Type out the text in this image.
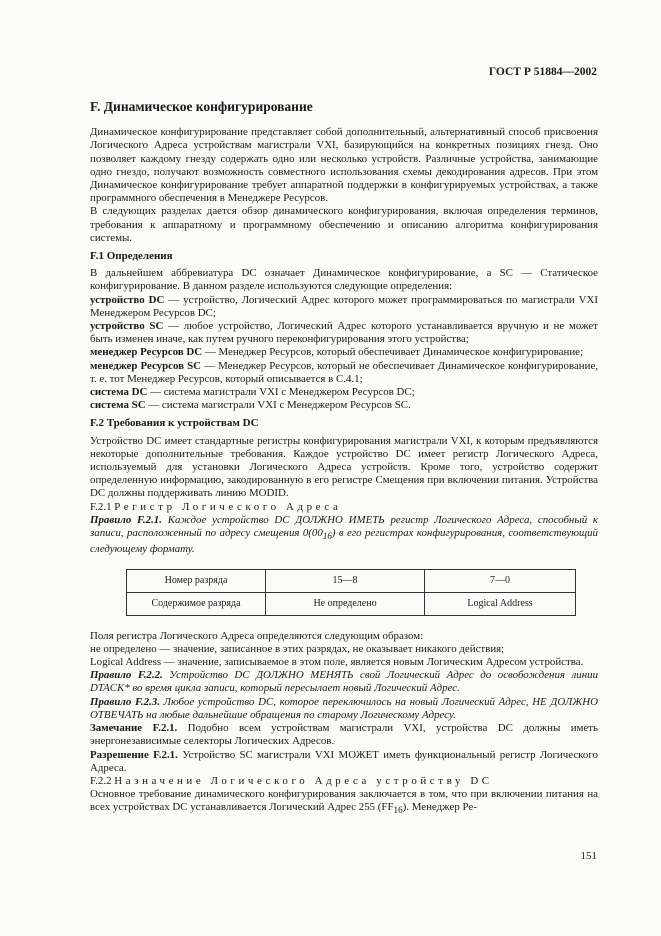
ГОСТ Р 51884—2002
F. Динамическое конфигурирование

Динамическое конфигурирование представляет собой дополнительный, альтернативный способ присвоения Логического Адреса устройствам магистрали VXI, базирующийся на конкретных позициях гнезд. Оно позволяет каждому гнезду содержать одно или несколько устройств. Различные устройства, занимающие одно гнездо, получают возможность совместного использования схемы декодирования адресов. При этом Динамическое конфигурирование требует аппаратной поддержки в конфигурируемых устройствах, а также программного обеспечения в Менеджере Ресурсов.

В следующих разделах дается обзор динамического конфигурирования, включая определения терминов, требования к аппаратному и программному обеспечению и описанию алгоритма конфигурирования системы.

F.1 Определения

В дальнейшем аббревиатура DC означает Динамическое конфигурирование, а SC — Статическое конфигурирование. В данном разделе используются следующие определения:

устройство DC — устройство, Логический Адрес которого может программироваться по магистрали VXI Менеджером Ресурсов DC;

устройство SC — любое устройство, Логический Адрес которого устанавливается вручную и не может быть изменен иначе, как путем ручного переконфигурирования этого устройства;

менеджер Ресурсов DC — Менеджер Ресурсов, который обеспечивает Динамическое конфигурирование;

менеджер Ресурсов SC — Менеджер Ресурсов, который не обеспечивает Динамическое конфигурирование, т. е. тот Менеджер Ресурсов, который описывается в С.4.1;

система DC — система магистрали VXI с Менеджером Ресурсов DC;

система SC — система магистрали VXI с Менеджером Ресурсов SC.

F.2 Требования к устройствам DC

Устройство DC имеет стандартные регистры конфигурирования магистрали VXI, к которым предъявляются некоторые дополнительные требования. Каждое устройство DC имеет регистр Логического Адреса, используемый для установки Логического Адреса устройств. Кроме того, устройство содержит определенную информацию, закодированную в его регистре Смещения при включении питания. Устройства DC должны поддерживать линию MODID.

F.2.1 Регистр Логического Адреса

Правило F.2.1. Каждое устройство DC ДОЛЖНО ИМЕТЬ регистр Логического Адреса, способный к записи, расположенный по адресу смещения $0(00_{16})$ в его регистрах конфигурирования, соответствующий следующему формату.

Номер разряда	15—8	7—0
Содержимое разряда	Не определено	Logical Address

Поля регистра Логического Адреса определяются следующим образом:

не определено — значение, записанное в этих разрядах, не оказывает никакого действия;

Logical Address — значение, записываемое в этом поле, является новым Логическим Адресом устройства.

Правило F.2.2. Устройство DC ДОЛЖНО МЕНЯТЬ свой Логический Адрес до освобождения линии DTACK* во время цикла записи, который пересылает новый Логический Адрес.

Правило F.2.3. Любое устройство DC, которое переключилось на новый Логический Адрес, НЕ ДОЛЖНО ОТВЕЧАТЬ на любые дальнейшие обращения по старому Логическому Адресу.

Замечание F.2.1. Подобно всем устройствам магистрали VXI, устройства DC должны иметь энергонезависимые селекторы Логических Адресов.

Разрешение F.2.1. Устройство SC магистрали VXI МОЖЕТ иметь функциональный регистр Логического Адреса.

F.2.2 Назначение Логического Адреса устройству DC

Основное требование динамического конфигурирования заключается в том, что при включении питания на всех устройствах DC устанавливается Логический Адрес 255 $(FF_{16})$. Менеджер Ре-

151
